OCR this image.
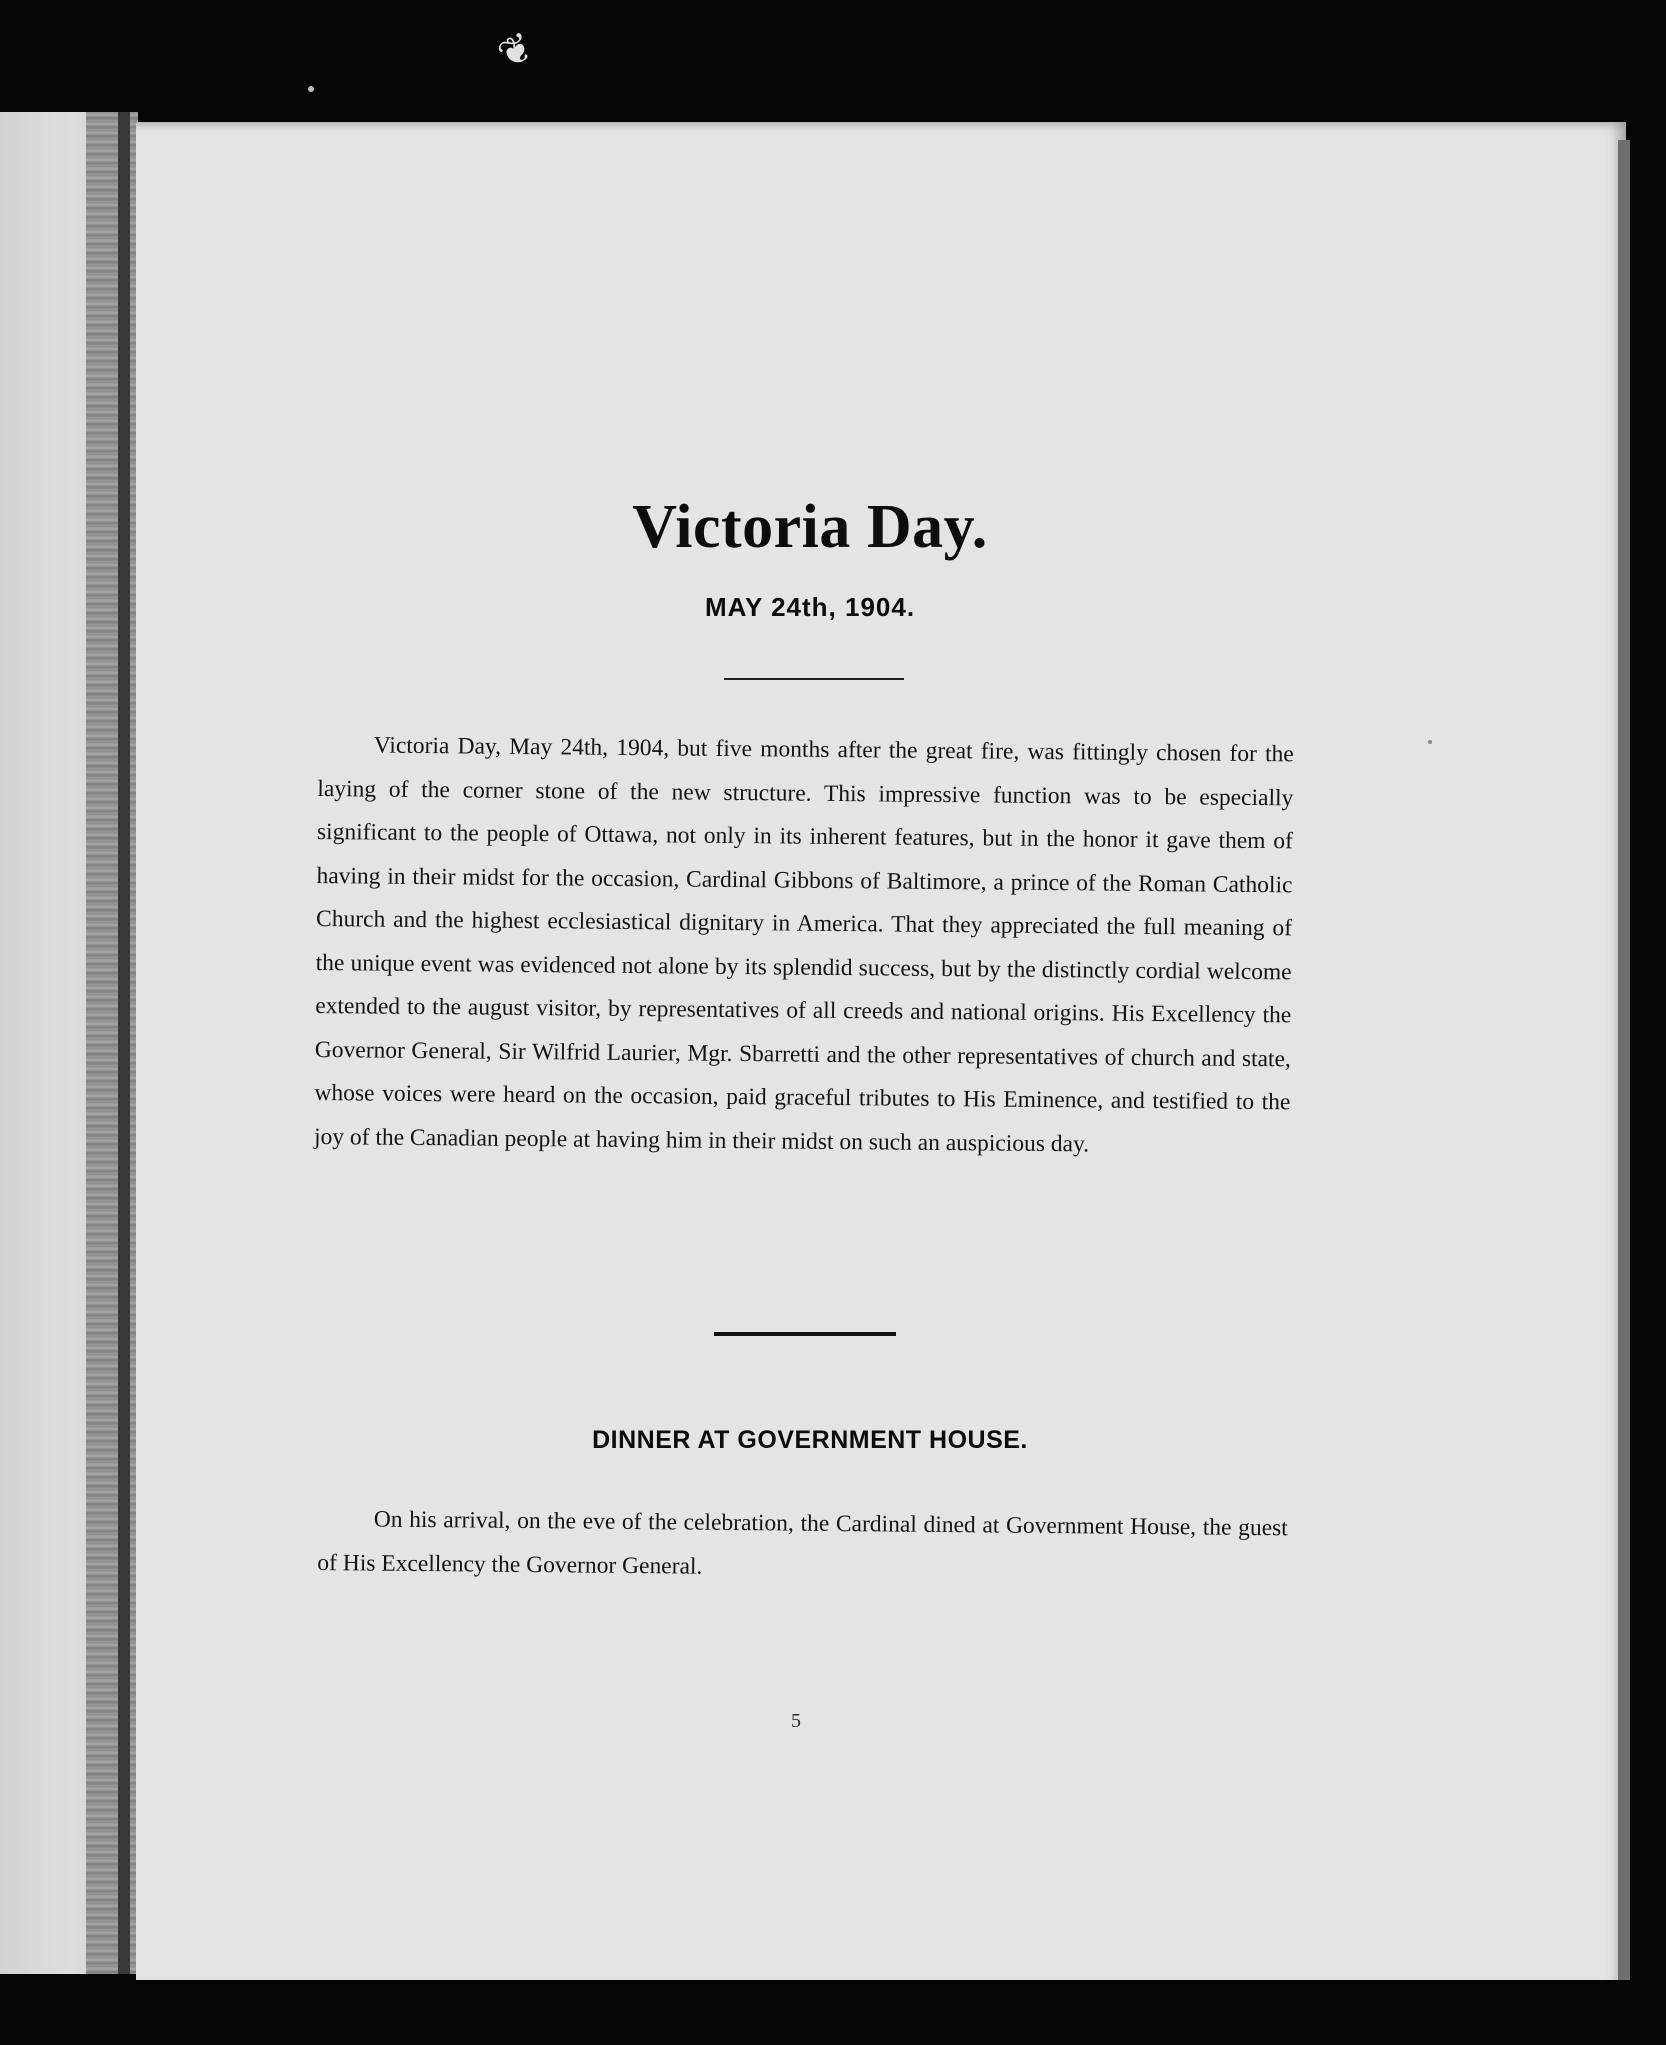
❦
Victoria Day.
MAY 24th, 1904.

Victoria Day, May 24th, 1904, but five months after the great fire, was fittingly chosen for the laying of the corner stone of the new structure. This impressive function was to be especially significant to the people of Ottawa, not only in its inherent features, but in the honor it gave them of having in their midst for the occasion, Cardinal Gibbons of Baltimore, a prince of the Roman Catholic Church and the highest ecclesiastical dignitary in America. That they appreciated the full meaning of the unique event was evidenced not alone by its splendid success, but by the distinctly cordial welcome extended to the august visitor, by representatives of all creeds and national origins. His Excellency the Governor General, Sir Wilfrid Laurier, Mgr. Sbarretti and the other representatives of church and state, whose voices were heard on the occasion, paid graceful tributes to His Eminence, and testified to the joy of the Canadian people at having him in their midst on such an auspicious day.

DINNER AT GOVERNMENT HOUSE.

On his arrival, on the eve of the celebration, the Cardinal dined at Government House, the guest of His Excellency the Governor General.

5
